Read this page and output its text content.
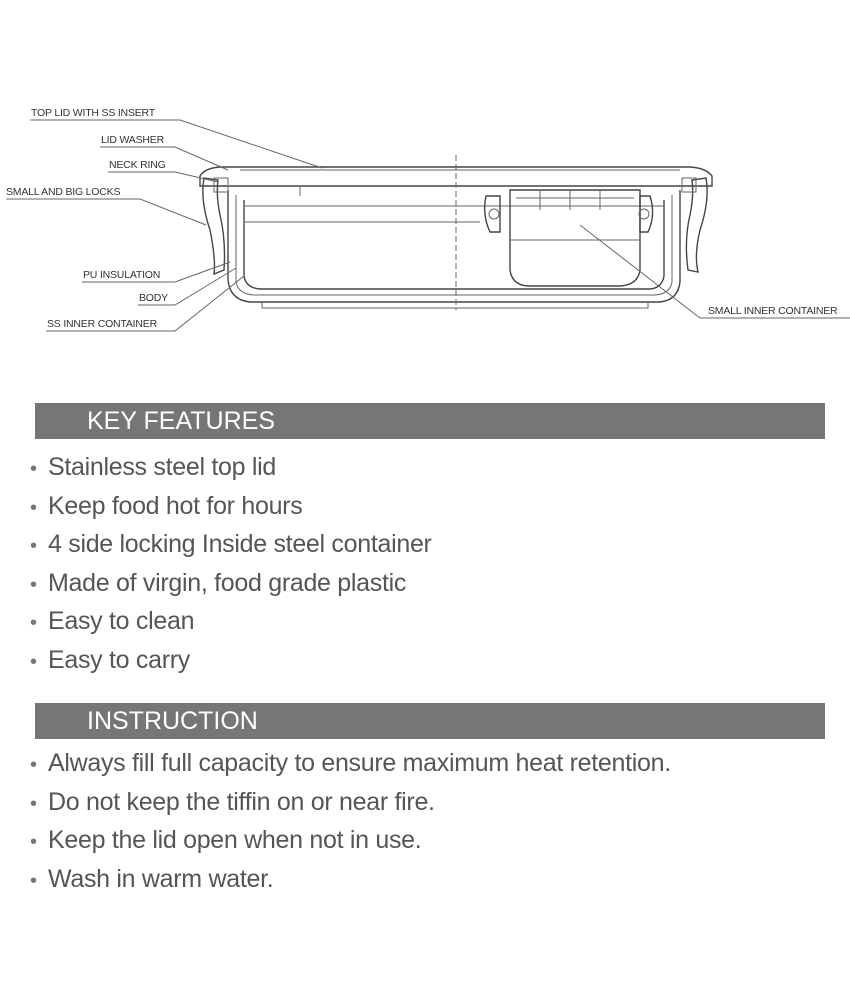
TOP LID WITH SS INSERT
LID WASHER
NECK RING
SMALL AND BIG LOCKS
PU INSULATION
BODY
SS INNER CONTAINER
SMALL INNER CONTAINER
KEY FEATURES
• Stainless steel top lid
• Keep food hot for hours
• 4 side locking Inside steel container
• Made of virgin, food grade plastic
• Easy to clean
• Easy to carry
INSTRUCTION
• Always fill full capacity to ensure maximum heat retention.
• Do not keep the tiffin on or near fire.
• Keep the lid open when not in use.
• Wash in warm water.
